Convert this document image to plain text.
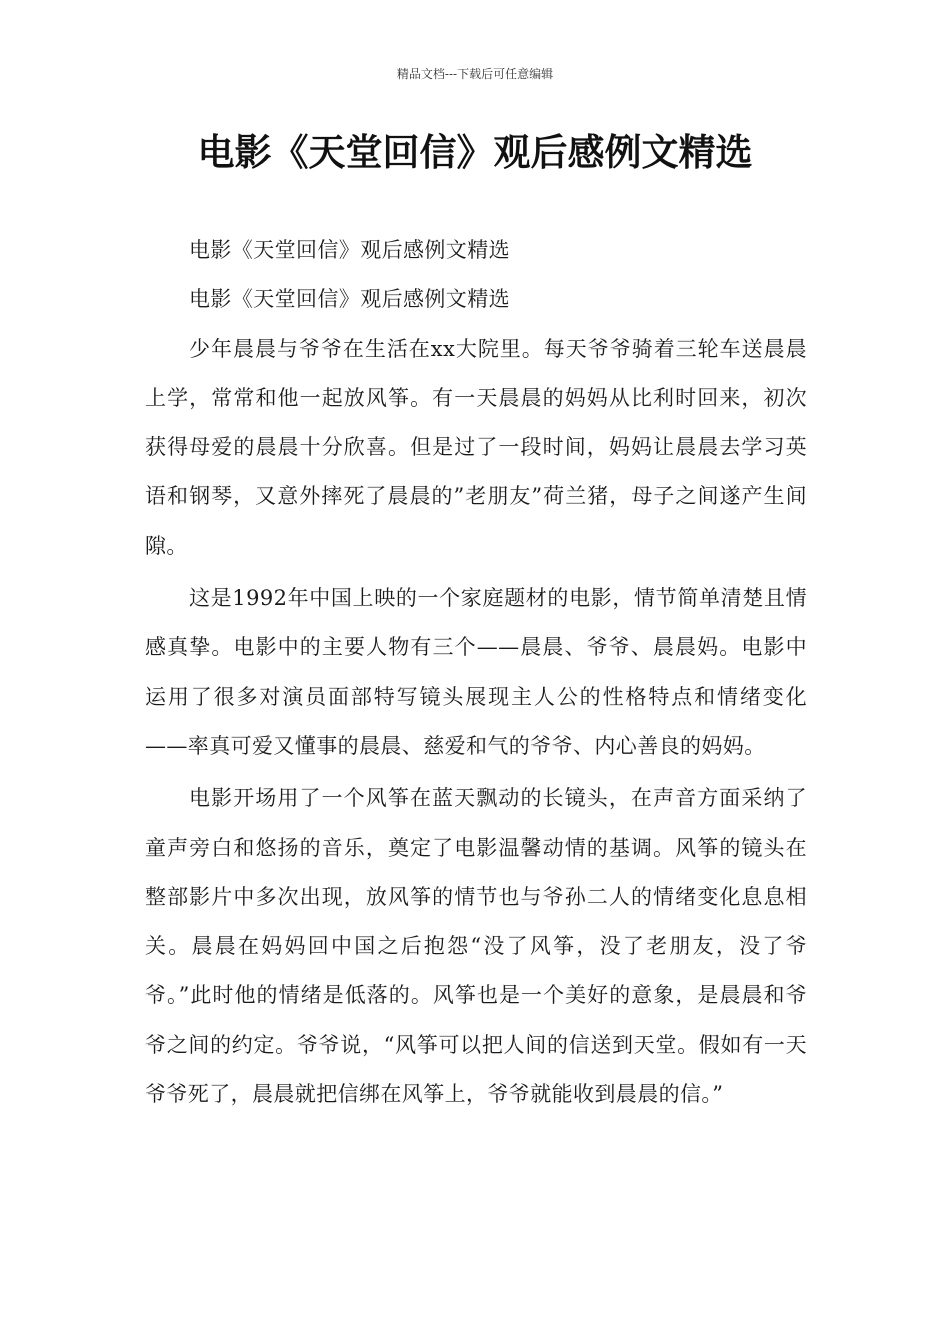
精品文档---下载后可任意编辑
电影《天堂回信》观后感例文精选

电影《天堂回信》观后感例文精选

电影《天堂回信》观后感例文精选

少年晨晨与爷爷在生活在xx大院里。每天爷爷骑着三轮车送晨晨上学，常常和他一起放风筝。有一天晨晨的妈妈从比利时回来，初次获得母爱的晨晨十分欣喜。但是过了一段时间，妈妈让晨晨去学习英语和钢琴，又意外摔死了晨晨的”老朋友”荷兰猪，母子之间遂产生间隙。

这是1992年中国上映的一个家庭题材的电影，情节简单清楚且情感真挚。电影中的主要人物有三个——晨晨、爷爷、晨晨妈。电影中运用了很多对演员面部特写镜头展现主人公的性格特点和情绪变化——率真可爱又懂事的晨晨、慈爱和气的爷爷、内心善良的妈妈。

电影开场用了一个风筝在蓝天飘动的长镜头，在声音方面采纳了童声旁白和悠扬的音乐，奠定了电影温馨动情的基调。风筝的镜头在整部影片中多次出现，放风筝的情节也与爷孙二人的情绪变化息息相关。晨晨在妈妈回中国之后抱怨“没了风筝，没了老朋友，没了爷爷。”此时他的情绪是低落的。风筝也是一个美好的意象，是晨晨和爷爷之间的约定。爷爷说，“风筝可以把人间的信送到天堂。假如有一天爷爷死了，晨晨就把信绑在风筝上，爷爷就能收到晨晨的信。”
